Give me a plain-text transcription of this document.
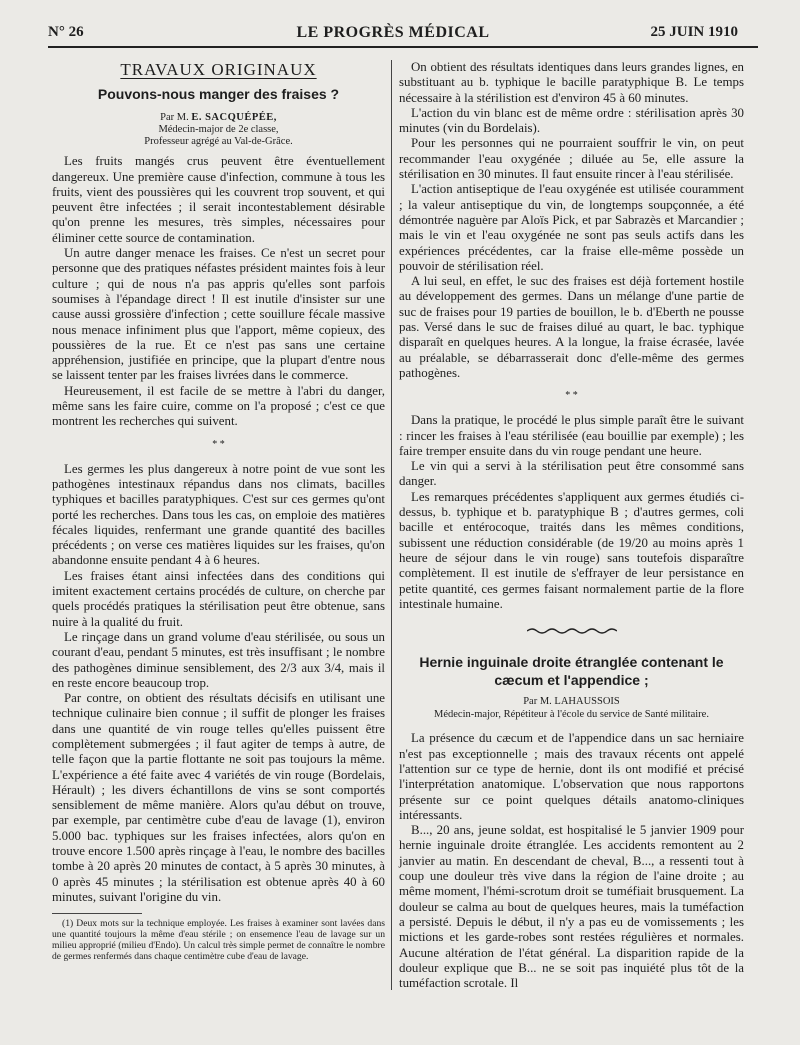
N° 26	LE PROGRÈS MÉDICAL	25 JUIN 1910
TRAVAUX ORIGINAUX
Pouvons-nous manger des fraises ?
Par M. E. SACQUÉPÉE,
Médecin-major de 2e classe,
Professeur agrégé au Val-de-Grâce.

Les fruits mangés crus peuvent être éventuellement dangereux. Une première cause d'infection, commune à tous les fruits, vient des poussières qui les couvrent trop souvent, et qui peuvent être infectées ; il serait incontestablement désirable qu'on prenne les mesures, très simples, nécessaires pour éliminer cette source de contamination.

Un autre danger menace les fraises. Ce n'est un secret pour personne que des pratiques néfastes président maintes fois à leur culture ; qui de nous n'a pas appris qu'elles sont parfois soumises à l'épandage direct ! Il est inutile d'insister sur une cause aussi grossière d'infection ; cette souillure fécale massive nous menace infiniment plus que l'apport, même copieux, des poussières de la rue. Et ce n'est pas sans une certaine appréhension, justifiée en principe, que la plupart d'entre nous se laissent tenter par les fraises livrées dans le commerce.

Heureusement, il est facile de se mettre à l'abri du danger, même sans les faire cuire, comme on l'a proposé ; c'est ce que montrent les recherches qui suivent.

* *

Les germes les plus dangereux à notre point de vue sont les pathogènes intestinaux répandus dans nos climats, bacilles typhiques et bacilles paratyphiques. C'est sur ces germes qu'ont porté les recherches. Dans tous les cas, on emploie des matières fécales liquides, renfermant une grande quantité des bacilles précédents ; on verse ces matières liquides sur les fraises, qu'on abandonne ensuite pendant 4 à 6 heures.

Les fraises étant ainsi infectées dans des conditions qui imitent exactement certains procédés de culture, on cherche par quels procédés pratiques la stérilisation peut être obtenue, sans nuire à la qualité du fruit.

Le rinçage dans un grand volume d'eau stérilisée, ou sous un courant d'eau, pendant 5 minutes, est très insuffisant ; le nombre des pathogènes diminue sensiblement, des 2/3 aux 3/4, mais il en reste encore beaucoup trop.

Par contre, on obtient des résultats décisifs en utilisant une technique culinaire bien connue ; il suffit de plonger les fraises dans une quantité de vin rouge telles qu'elles puissent être complètement submergées ; il faut agiter de temps à autre, de telle façon que la partie flottante ne soit pas toujours la même. L'expérience a été faite avec 4 variétés de vin rouge (Bordelais, Hérault) ; les divers échantillons de vins se sont comportés sensiblement de même manière. Alors qu'au début on trouve, par exemple, par centimètre cube d'eau de lavage (1), environ 5.000 bac. typhiques sur les fraises infectées, alors qu'on en trouve encore 1.500 après rinçage à l'eau, le nombre des bacilles tombe à 20 après 20 minutes de contact, à 5 après 30 minutes, à 0 après 45 minutes ; la stérilisation est obtenue après 40 à 60 minutes, suivant l'origine du vin.

(1) Deux mots sur la technique employée. Les fraises à examiner sont lavées dans une quantité toujours la même d'eau stérile ; on ensemence l'eau de lavage sur un milieu approprié (milieu d'Endo). Un calcul très simple permet de connaître le nombre de germes renfermés dans chaque centimètre cube d'eau de lavage.

On obtient des résultats identiques dans leurs grandes lignes, en substituant au b. typhique le bacille paratyphique B. Le temps nécessaire à la stérilistion est d'environ 45 à 60 minutes.

L'action du vin blanc est de même ordre : stérilisation après 30 minutes (vin du Bordelais).

Pour les personnes qui ne pourraient souffrir le vin, on peut recommander l'eau oxygénée ; diluée au 5e, elle assure la stérilisation en 30 minutes. Il faut ensuite rincer à l'eau stérilisée.

L'action antiseptique de l'eau oxygénée est utilisée couramment ; la valeur antiseptique du vin, de longtemps soupçonnée, a été démontrée naguère par Aloïs Pick, et par Sabrazès et Marcandier ; mais le vin et l'eau oxygénée ne sont pas seuls actifs dans les expériences précédentes, car la fraise elle-même possède un pouvoir de stérilisation réel.

A lui seul, en effet, le suc des fraises est déjà fortement hostile au développement des germes. Dans un mélange d'une partie de suc de fraises pour 19 parties de bouillon, le b. d'Eberth ne pousse pas. Versé dans le suc de fraises dilué au quart, le bac. typhique disparaît en quelques heures. A la longue, la fraise écrasée, lavée au préalable, se débarrasserait donc d'elle-même des germes pathogènes.

* *

Dans la pratique, le procédé le plus simple paraît être le suivant : rincer les fraises à l'eau stérilisée (eau bouillie par exemple) ; les faire tremper ensuite dans du vin rouge pendant une heure.

Le vin qui a servi à la stérilisation peut être consommé sans danger.

Les remarques précédentes s'appliquent aux germes étudiés ci-dessus, b. typhique et b. paratyphique B ; d'autres germes, coli bacille et entérocoque, traités dans les mêmes conditions, subissent une réduction considérable (de 19/20 au moins après 1 heure de séjour dans le vin rouge) sans toutefois disparaître complètement. Il est inutile de s'effrayer de leur persistance en petite quantité, ces germes faisant normalement partie de la flore intestinale humaine.

Hernie inguinale droite étranglée contenant le cæcum et l'appendice ;
Par M. LAHAUSSOIS
Médecin-major, Répétiteur à l'école du service de Santé militaire.

La présence du cæcum et de l'appendice dans un sac herniaire n'est pas exceptionnelle ; mais des travaux récents ont appelé l'attention sur ce type de hernie, dont ils ont modifié et précisé l'interprétation anatomique. L'observation que nous rapportons présente sur ce point quelques détails anatomo-cliniques intéressants.

B..., 20 ans, jeune soldat, est hospitalisé le 5 janvier 1909 pour hernie inguinale droite étranglée. Les accidents remontent au 2 janvier au matin. En descendant de cheval, B..., a ressenti tout à coup une douleur très vive dans la région de l'aine droite ; au même moment, l'hémi-scrotum droit se tuméfiait brusquement. La douleur se calma au bout de quelques heures, mais la tuméfaction a persisté. Depuis le début, il n'y a pas eu de vomissements ; les mictions et les garde-robes sont restées régulières et normales. Aucune altération de l'état général. La disparition rapide de la douleur explique que B... ne se soit pas inquiété plus tôt de la tuméfaction scrotale. Il
